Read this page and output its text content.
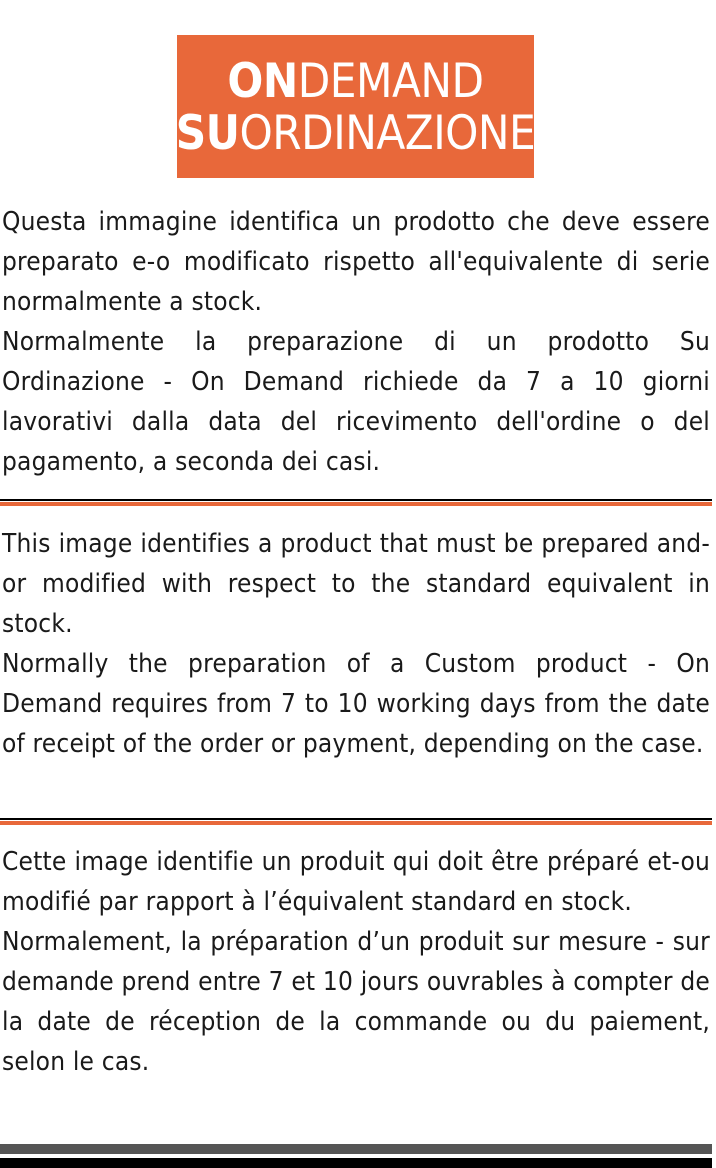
ONDEMAND
SUORDINAZIONE

Questa immagine identifica un prodotto che deve essere preparato e-o modificato rispetto all'equivalente di serie normalmente a stock.

Normalmente la preparazione di un prodotto Su Ordinazione - On Demand richiede da 7 a 10 giorni lavorativi dalla data del ricevimento dell'ordine o del pagamento, a seconda dei casi.

This image identifies a product that must be prepared and-or modified with respect to the standard equivalent in stock.

Normally the preparation of a Custom product - On Demand requires from 7 to 10 working days from the date of receipt of the order or payment, depending on the case.

Cette image identifie un produit qui doit être préparé et-ou modifié par rapport à l’équivalent standard en stock.

Normalement, la préparation d’un produit sur mesure - sur demande prend entre 7 et 10 jours ouvrables à compter de la date de réception de la commande ou du paiement, selon le cas.
